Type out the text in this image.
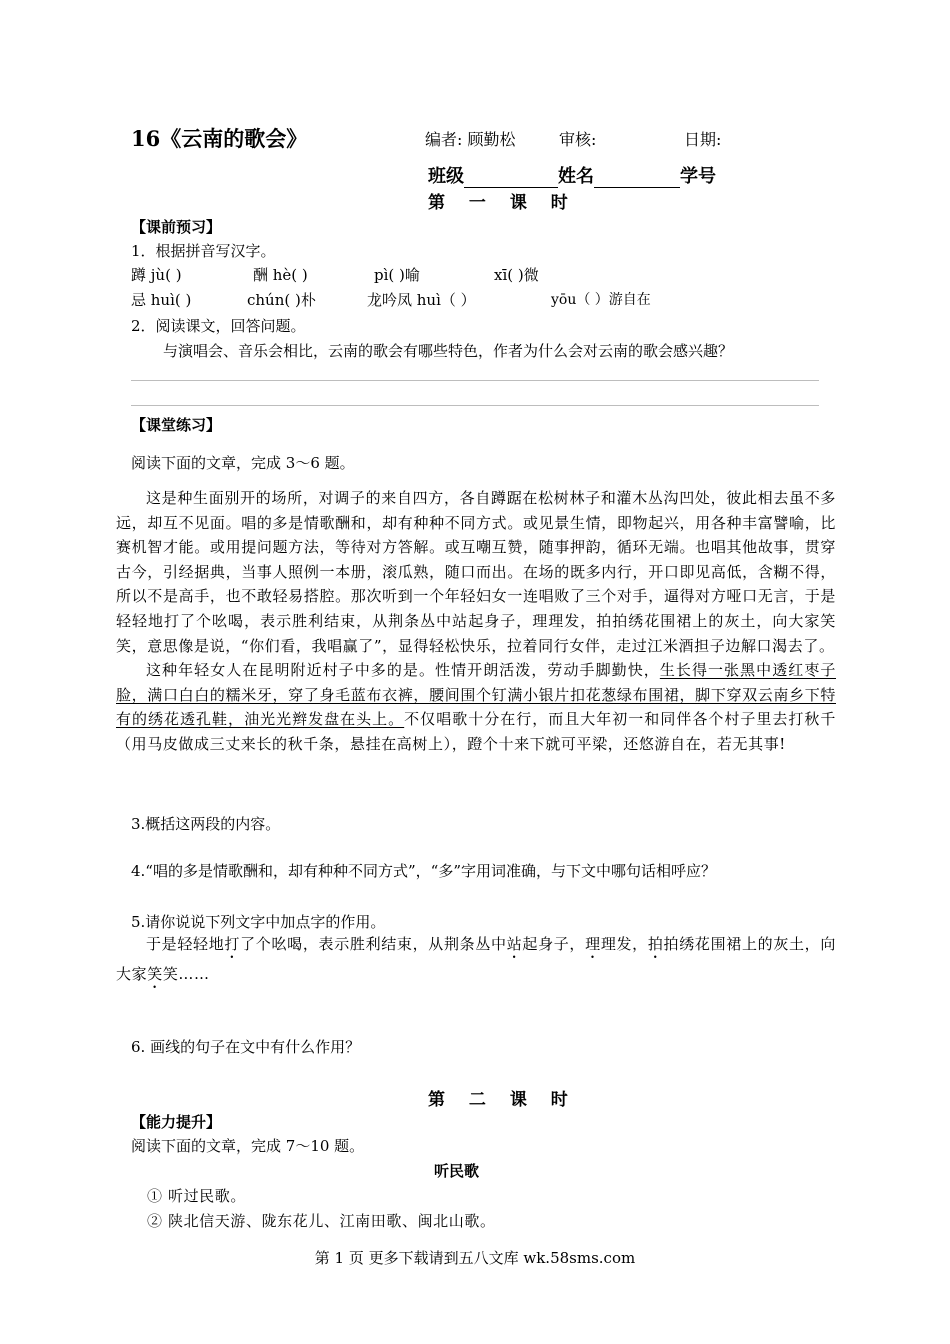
16《云南的歌会》	编者: 顾勤松	审核:	日期:
班级	姓名	学号
第 一 课 时
【课前预习】
1．根据拼音写汉字。
蹲 jù( )	酬 hè( )	pì( )喻	xī( )微
忌 huì( )	chún( )朴	龙吟凤 huì（ ）	yōu（ ）游自在
2．阅读课文，回答问题。
与演唱会、音乐会相比，云南的歌会有哪些特色，作者为什么会对云南的歌会感兴趣？
【课堂练习】
阅读下面的文章，完成 3～6 题。

这是种生面别开的场所，对调子的来自四方，各自蹲踞在松树林子和灌木丛沟凹处，彼此相去虽不多远，却互不见面。唱的多是情歌酬和，却有种种不同方式。或见景生情，即物起兴，用各种丰富譬喻，比赛机智才能。或用提问题方法，等待对方答解。或互嘲互赞，随事押韵，循环无端。也唱其他故事，贯穿古今，引经据典，当事人照例一本册，滚瓜熟，随口而出。在场的既多内行，开口即见高低，含糊不得，所以不是高手，也不敢轻易搭腔。那次听到一个年轻妇女一连唱败了三个对手，逼得对方哑口无言，于是轻轻地打了个吆喝，表示胜利结束，从荆条丛中站起身子，理理发，拍拍绣花围裙上的灰土，向大家笑笑，意思像是说，“你们看，我唱赢了”，显得轻松快乐，拉着同行女伴，走过江米酒担子边解口渴去了。

这种年轻女人在昆明附近村子中多的是。性情开朗活泼，劳动手脚勤快，生长得一张黑中透红枣子脸，满口白白的糯米牙，穿了身毛蓝布衣裤，腰间围个钉满小银片扣花葱绿布围裙，脚下穿双云南乡下特有的绣花透孔鞋，油光光辫发盘在头上。不仅唱歌十分在行，而且大年初一和同伴各个村子里去打秋千（用马皮做成三丈来长的秋千条，悬挂在高树上），蹬个十来下就可平梁，还悠游自在，若无其事!

3.概括这两段的内容。
4.“唱的多是情歌酬和，却有种种不同方式”，“多”字用词准确，与下文中哪句话相呼应？
5.请你说说下列文字中加点字的作用。

于是轻轻地打了个吆喝，表示胜利结束，从荆条丛中站起身子，理理发，拍拍绣花围裙上的灰土，向大家笑笑……

6. 画线的句子在文中有什么作用？
第 二 课 时
【能力提升】
阅读下面的文章，完成 7～10 题。
听民歌
① 听过民歌。
② 陕北信天游、陇东花儿、江南田歌、闽北山歌。
第 1 页 更多下载请到五八文库 wk.58sms.com
